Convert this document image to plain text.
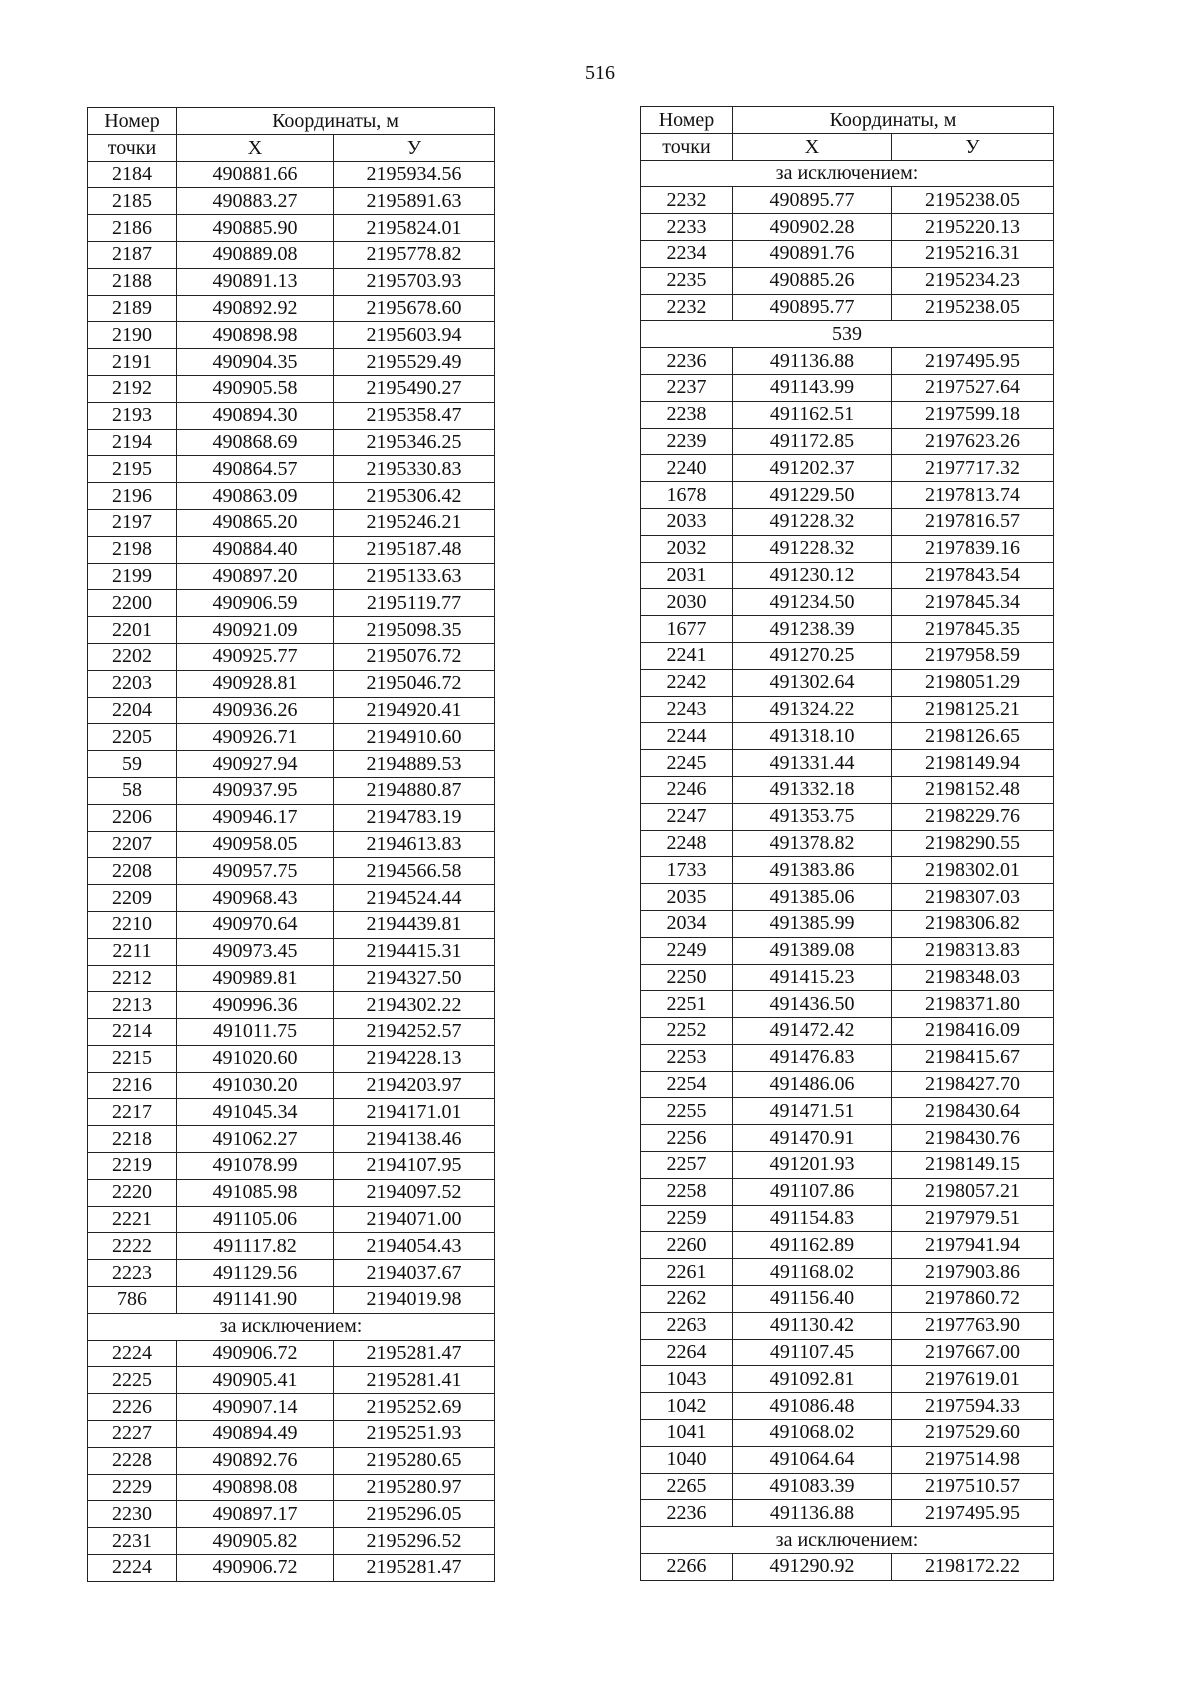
516
Номер	Координаты, м	
точки	Х	У
2184	490881.66	2195934.56
2185	490883.27	2195891.63
2186	490885.90	2195824.01
2187	490889.08	2195778.82
2188	490891.13	2195703.93
2189	490892.92	2195678.60
2190	490898.98	2195603.94
2191	490904.35	2195529.49
2192	490905.58	2195490.27
2193	490894.30	2195358.47
2194	490868.69	2195346.25
2195	490864.57	2195330.83
2196	490863.09	2195306.42
2197	490865.20	2195246.21
2198	490884.40	2195187.48
2199	490897.20	2195133.63
2200	490906.59	2195119.77
2201	490921.09	2195098.35
2202	490925.77	2195076.72
2203	490928.81	2195046.72
2204	490936.26	2194920.41
2205	490926.71	2194910.60
59	490927.94	2194889.53
58	490937.95	2194880.87
2206	490946.17	2194783.19
2207	490958.05	2194613.83
2208	490957.75	2194566.58
2209	490968.43	2194524.44
2210	490970.64	2194439.81
2211	490973.45	2194415.31
2212	490989.81	2194327.50
2213	490996.36	2194302.22
2214	491011.75	2194252.57
2215	491020.60	2194228.13
2216	491030.20	2194203.97
2217	491045.34	2194171.01
2218	491062.27	2194138.46
2219	491078.99	2194107.95
2220	491085.98	2194097.52
2221	491105.06	2194071.00
2222	491117.82	2194054.43
2223	491129.56	2194037.67
786	491141.90	2194019.98
за исключением:		
2224	490906.72	2195281.47
2225	490905.41	2195281.41
2226	490907.14	2195252.69
2227	490894.49	2195251.93
2228	490892.76	2195280.65
2229	490898.08	2195280.97
2230	490897.17	2195296.05
2231	490905.82	2195296.52
2224	490906.72	2195281.47
Номер	Координаты, м	
точки	Х	У
за исключением:		
2232	490895.77	2195238.05
2233	490902.28	2195220.13
2234	490891.76	2195216.31
2235	490885.26	2195234.23
2232	490895.77	2195238.05
539		
2236	491136.88	2197495.95
2237	491143.99	2197527.64
2238	491162.51	2197599.18
2239	491172.85	2197623.26
2240	491202.37	2197717.32
1678	491229.50	2197813.74
2033	491228.32	2197816.57
2032	491228.32	2197839.16
2031	491230.12	2197843.54
2030	491234.50	2197845.34
1677	491238.39	2197845.35
2241	491270.25	2197958.59
2242	491302.64	2198051.29
2243	491324.22	2198125.21
2244	491318.10	2198126.65
2245	491331.44	2198149.94
2246	491332.18	2198152.48
2247	491353.75	2198229.76
2248	491378.82	2198290.55
1733	491383.86	2198302.01
2035	491385.06	2198307.03
2034	491385.99	2198306.82
2249	491389.08	2198313.83
2250	491415.23	2198348.03
2251	491436.50	2198371.80
2252	491472.42	2198416.09
2253	491476.83	2198415.67
2254	491486.06	2198427.70
2255	491471.51	2198430.64
2256	491470.91	2198430.76
2257	491201.93	2198149.15
2258	491107.86	2198057.21
2259	491154.83	2197979.51
2260	491162.89	2197941.94
2261	491168.02	2197903.86
2262	491156.40	2197860.72
2263	491130.42	2197763.90
2264	491107.45	2197667.00
1043	491092.81	2197619.01
1042	491086.48	2197594.33
1041	491068.02	2197529.60
1040	491064.64	2197514.98
2265	491083.39	2197510.57
2236	491136.88	2197495.95
за исключением:		
2266	491290.92	2198172.22
